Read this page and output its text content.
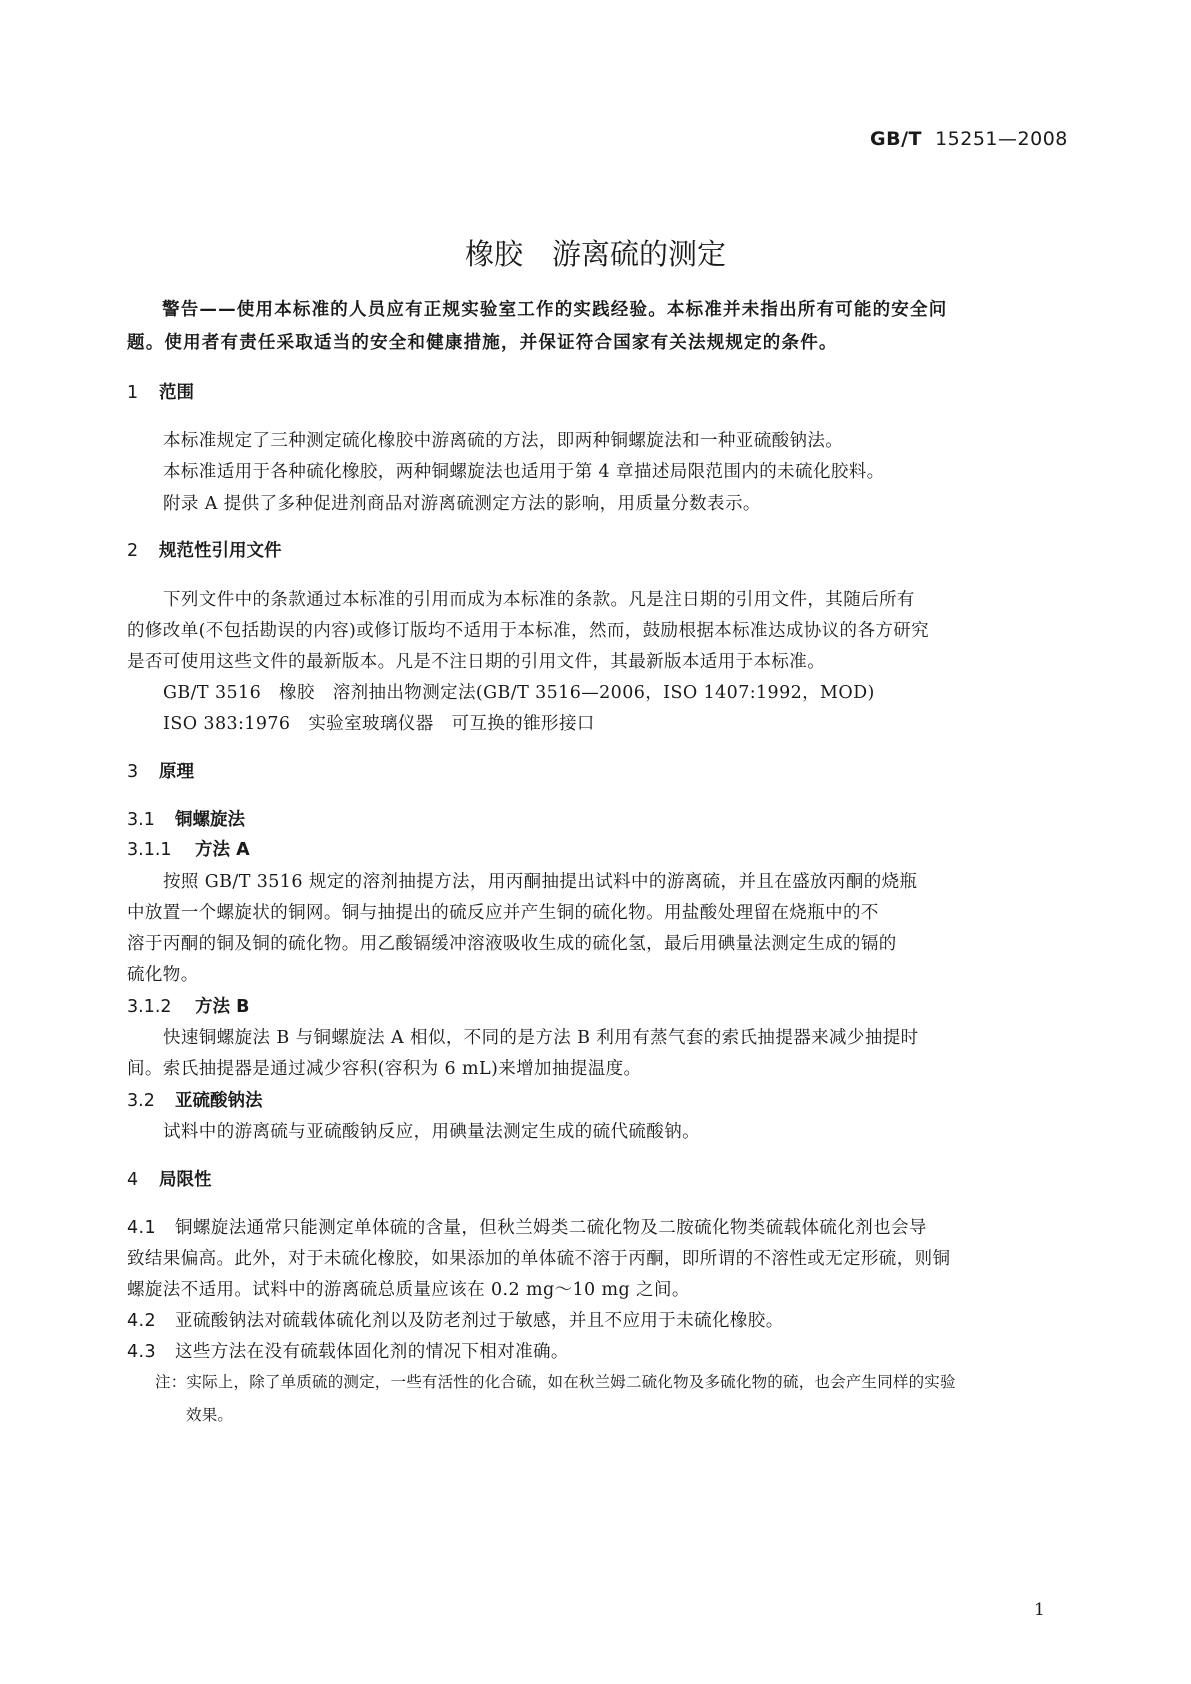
GB/T 15251—2008
橡胶　游离硫的测定
警告——使用本标准的人员应有正规实验室工作的实践经验。本标准并未指出所有可能的安全问
题。使用者有责任采取适当的安全和健康措施，并保证符合国家有关法规规定的条件。
1 范围
本标准规定了三种测定硫化橡胶中游离硫的方法，即两种铜螺旋法和一种亚硫酸钠法。
本标准适用于各种硫化橡胶，两种铜螺旋法也适用于第 4 章描述局限范围内的未硫化胶料。
附录 A 提供了多种促进剂商品对游离硫测定方法的影响，用质量分数表示。
2 规范性引用文件
下列文件中的条款通过本标准的引用而成为本标准的条款。凡是注日期的引用文件，其随后所有
的修改单(不包括勘误的内容)或修订版均不适用于本标准，然而，鼓励根据本标准达成协议的各方研究
是否可使用这些文件的最新版本。凡是不注日期的引用文件，其最新版本适用于本标准。
GB/T 3516　橡胶　溶剂抽出物测定法(GB/T 3516—2006，ISO 1407:1992，MOD)
ISO 383:1976　实验室玻璃仪器　可互换的锥形接口
3 原理
3.1 铜螺旋法
3.1.1 方法 A
按照 GB/T 3516 规定的溶剂抽提方法，用丙酮抽提出试料中的游离硫，并且在盛放丙酮的烧瓶
中放置一个螺旋状的铜网。铜与抽提出的硫反应并产生铜的硫化物。用盐酸处理留在烧瓶中的不
溶于丙酮的铜及铜的硫化物。用乙酸镉缓冲溶液吸收生成的硫化氢，最后用碘量法测定生成的镉的
硫化物。
3.1.2 方法 B
快速铜螺旋法 B 与铜螺旋法 A 相似，不同的是方法 B 利用有蒸气套的索氏抽提器来减少抽提时
间。索氏抽提器是通过减少容积(容积为 6 mL)来增加抽提温度。
3.2 亚硫酸钠法
试料中的游离硫与亚硫酸钠反应，用碘量法测定生成的硫代硫酸钠。
4 局限性
4.1 铜螺旋法通常只能测定单体硫的含量，但秋兰姆类二硫化物及二胺硫化物类硫载体硫化剂也会导
致结果偏高。此外，对于未硫化橡胶，如果添加的单体硫不溶于丙酮，即所谓的不溶性或无定形硫，则铜
螺旋法不适用。试料中的游离硫总质量应该在 0.2 mg～10 mg 之间。
4.2 亚硫酸钠法对硫载体硫化剂以及防老剂过于敏感，并且不应用于未硫化橡胶。
4.3 这些方法在没有硫载体固化剂的情况下相对准确。
注：实际上，除了单质硫的测定，一些有活性的化合硫，如在秋兰姆二硫化物及多硫化物的硫，也会产生同样的实验
效果。
1
